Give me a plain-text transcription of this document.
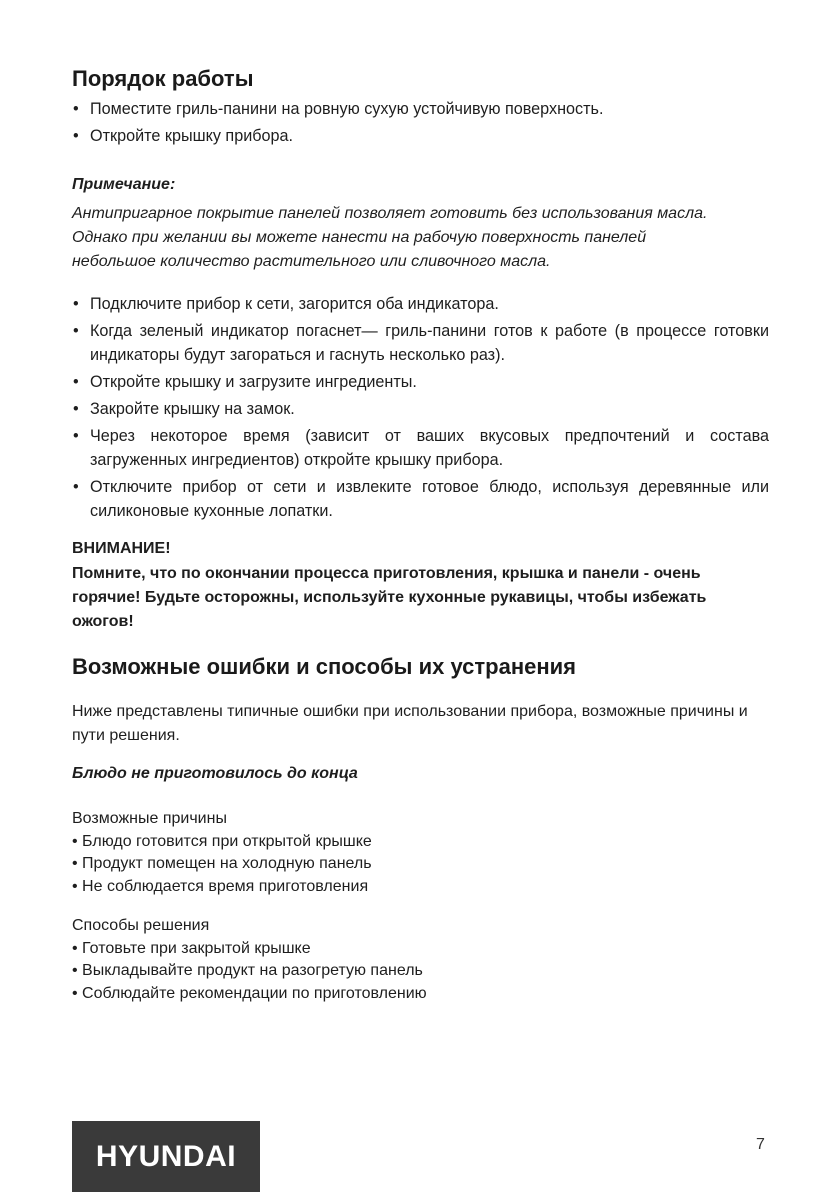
Порядок работы
• Поместите гриль-панини на ровную сухую устойчивую поверхность.
• Откройте крышку прибора.
Примечание:
Антипригарное покрытие панелей позволяет готовить без использования масла.
Однако при желании вы можете нанести на рабочую поверхность панелей
небольшое количество растительного или сливочного масла.
• Подключите прибор к сети, загорится оба индикатора.
• Когда зеленый индикатор погаснет— гриль-панини готов к работе (в процессе готовки индикаторы будут загораться и гаснуть несколько раз).
• Откройте крышку и загрузите ингредиенты.
• Закройте крышку на замок.
• Через некоторое время (зависит от ваших вкусовых предпочтений и состава загруженных ингредиентов) откройте крышку прибора.
• Отключите прибор от сети и извлеките готовое блюдо, используя деревянные или силиконовые кухонные лопатки.
ВНИМАНИЕ!
Помните, что по окончании процесса приготовления, крышка и панели - очень горячие! Будьте осторожны, используйте кухонные рукавицы, чтобы избежать ожогов!
Возможные ошибки и способы их устранения
Ниже представлены типичные ошибки при использовании прибора, возможные причины и пути решения.
Блюдо не приготовилось до конца
Возможные причины
• Блюдо готовится при открытой крышке
• Продукт помещен на холодную панель
• Не соблюдается время приготовления
Способы решения
• Готовьте при закрытой крышке
• Выкладывайте продукт на разогретую панель
• Соблюдайте рекомендации по приготовлению
HYUNDAI	7
